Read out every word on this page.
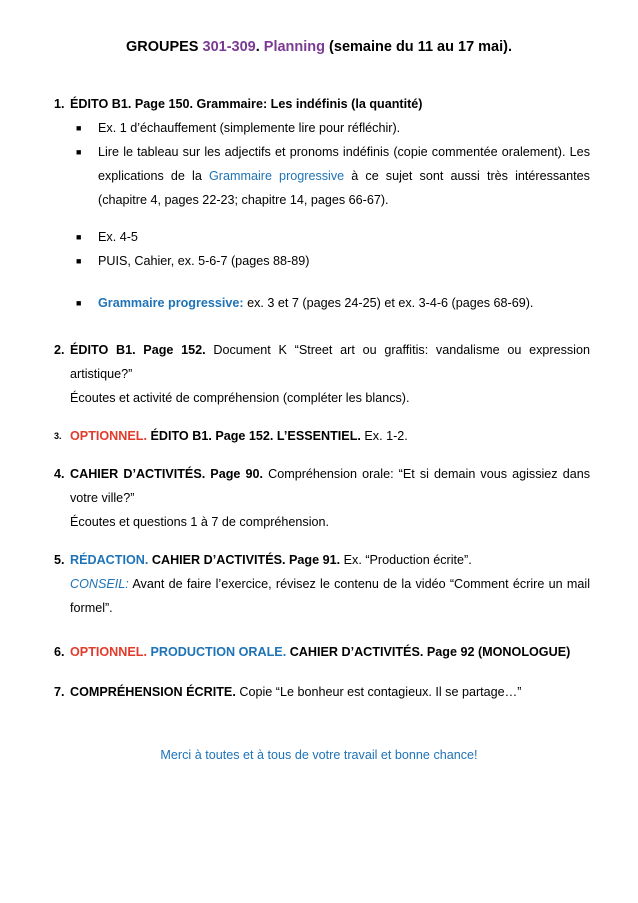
GROUPES 301-309. Planning (semaine du 11 au 17 mai).
1. ÉDITO B1. Page 150. Grammaire: Les indéfinis (la quantité)
■ Ex. 1 d’échauffement (simplemente lire pour réfléchir).
■ Lire le tableau sur les adjectifs et pronoms indéfinis (copie commentée oralement). Les explications de la Grammaire progressive à ce sujet sont aussi très intéressantes (chapitre 4, pages 22-23; chapitre 14, pages 66-67).
■ Ex. 4-5
■ PUIS, Cahier, ex. 5-6-7 (pages 88-89)
■ Grammaire progressive: ex. 3 et 7 (pages 24-25) et ex. 3-4-6 (pages 68-69).
2. ÉDITO B1. Page 152. Document K “Street art ou graffitis: vandalisme ou expression artistique?”
Écoutes et activité de compréhension (compléter les blancs).
3. OPTIONNEL. ÉDITO B1. Page 152. L’ESSENTIEL. Ex. 1-2.
4. CAHIER D’ACTIVITÉS. Page 90. Compréhension orale: “Et si demain vous agissiez dans votre ville?”
Écoutes et questions 1 à 7 de compréhension.
5. RÉDACTION. CAHIER D’ACTIVITÉS. Page 91. Ex. “Production écrite”.
CONSEIL: Avant de faire l’exercice, révisez le contenu de la vidéo “Comment écrire un mail formel”.
6. OPTIONNEL. PRODUCTION ORALE. CAHIER D’ACTIVITÉS. Page 92 (MONOLOGUE)
7. COMPRÉHENSION ÉCRITE. Copie “Le bonheur est contagieux. Il se partage…”
Merci à toutes et à tous de votre travail et bonne chance!
